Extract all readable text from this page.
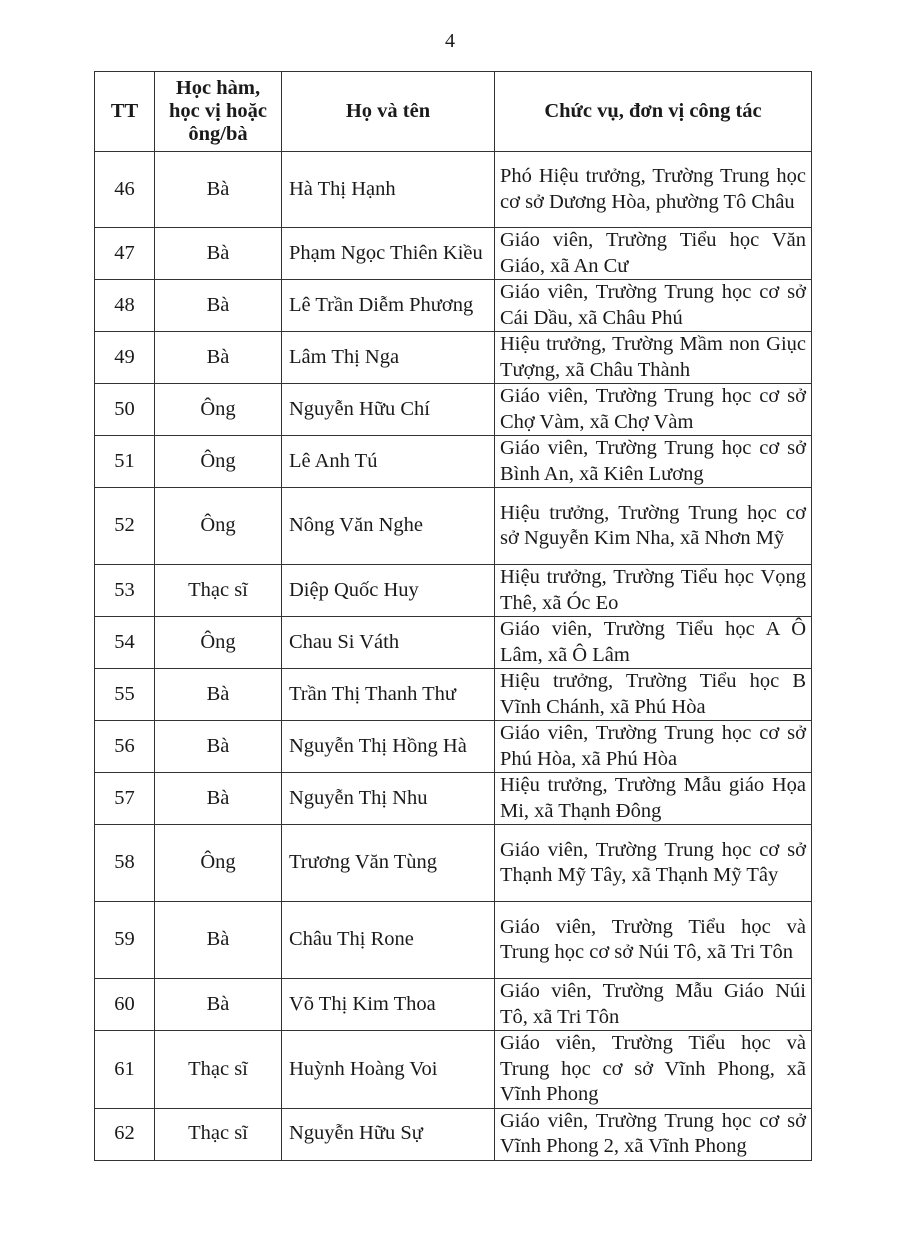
4
TT	Học hàm, học vị hoặc ông/bà	Họ và tên	Chức vụ, đơn vị công tác
46	Bà	Hà Thị Hạnh	Phó Hiệu trưởng, Trường Trung học cơ sở Dương Hòa, phường Tô Châu
47	Bà	Phạm Ngọc Thiên Kiều	Giáo viên, Trường Tiểu học Văn Giáo, xã An Cư
48	Bà	Lê Trần Diễm Phương	Giáo viên, Trường Trung học cơ sở Cái Dầu, xã Châu Phú
49	Bà	Lâm Thị Nga	Hiệu trưởng, Trường Mầm non Giục Tượng, xã Châu Thành
50	Ông	Nguyễn Hữu Chí	Giáo viên, Trường Trung học cơ sở Chợ Vàm, xã Chợ Vàm
51	Ông	Lê Anh Tú	Giáo viên, Trường Trung học cơ sở Bình An, xã Kiên Lương
52	Ông	Nông Văn Nghe	Hiệu trưởng, Trường Trung học cơ sở Nguyễn Kim Nha, xã Nhơn Mỹ
53	Thạc sĩ	Diệp Quốc Huy	Hiệu trưởng, Trường Tiểu học Vọng Thê, xã Óc Eo
54	Ông	Chau Si Váth	Giáo viên, Trường Tiểu học A Ô Lâm, xã Ô Lâm
55	Bà	Trần Thị Thanh Thư	Hiệu trưởng, Trường Tiểu học B Vĩnh Chánh, xã Phú Hòa
56	Bà	Nguyễn Thị Hồng Hà	Giáo viên, Trường Trung học cơ sở Phú Hòa, xã Phú Hòa
57	Bà	Nguyễn Thị Nhu	Hiệu trưởng, Trường Mẫu giáo Họa Mi, xã Thạnh Đông
58	Ông	Trương Văn Tùng	Giáo viên, Trường Trung học cơ sở Thạnh Mỹ Tây, xã Thạnh Mỹ Tây
59	Bà	Châu Thị Rone	Giáo viên, Trường Tiểu học và Trung học cơ sở Núi Tô, xã Tri Tôn
60	Bà	Võ Thị Kim Thoa	Giáo viên, Trường Mẫu Giáo Núi Tô, xã Tri Tôn
61	Thạc sĩ	Huỳnh Hoàng Voi	Giáo viên, Trường Tiểu học và Trung học cơ sở Vĩnh Phong, xã Vĩnh Phong
62	Thạc sĩ	Nguyễn Hữu Sự	Giáo viên, Trường Trung học cơ sở Vĩnh Phong 2, xã Vĩnh Phong
